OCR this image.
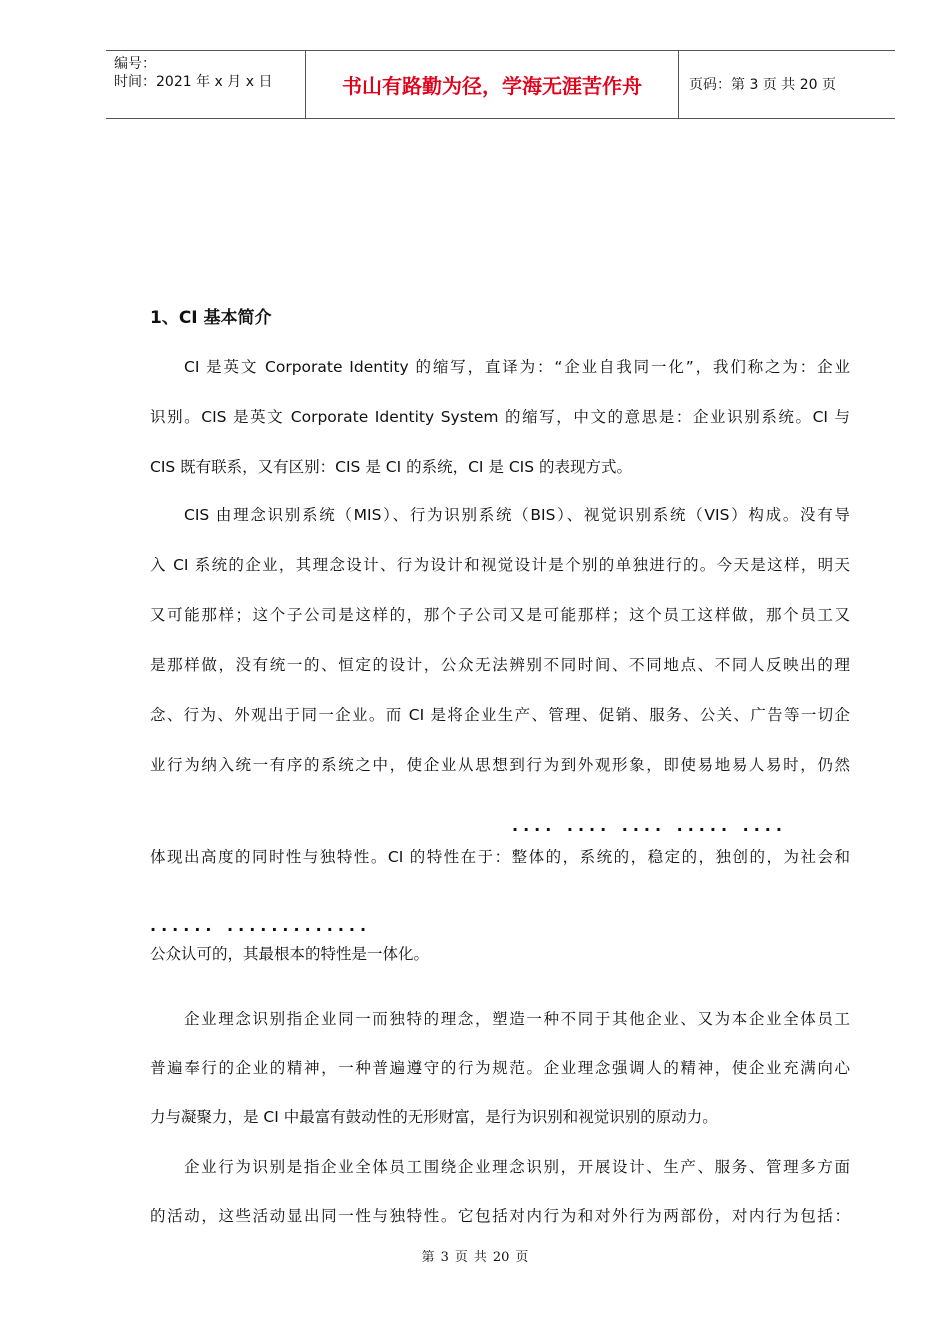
编号：
时间：2021 年 x 月 x 日	书山有路勤为径，学海无涯苦作舟	页码：第 3 页 共 20 页
1、CI 基本简介
CI 是英文 Corporate Identity 的缩写，直译为：“企业自我同一化”，我们称之为：企业
识别。CIS 是英文 Corporate Identity System 的缩写，中文的意思是：企业识别系统。CI 与
CIS 既有联系，又有区别：CIS 是 CI 的系统，CI 是 CIS 的表现方式。
CIS 由理念识别系统（MIS）、行为识别系统（BIS）、视觉识别系统（VIS）构成。没有导
入 CI 系统的企业，其理念设计、行为设计和视觉设计是个别的单独进行的。今天是这样，明天
又可能那样；这个子公司是这样的，那个子公司又是可能那样；这个员工这样做，那个员工又
是那样做，没有统一的、恒定的设计，公众无法辨别不同时间、不同地点、不同人反映出的理
念、行为、外观出于同一企业。而 CI 是将企业生产、管理、促销、服务、公关、广告等一切企
业行为纳入统一有序的系统之中，使企业从思想到行为到外观形象，即使易地易人易时，仍然
···· ···· ···· ····· ····
体现出高度的同时性与独特性。CI 的特性在于：整体的，系统的，稳定的，独创的，为社会和
······ ·············
公众认可的，其最根本的特性是一体化。
企业理念识别指企业同一而独特的理念，塑造一种不同于其他企业、又为本企业全体员工
普遍奉行的企业的精神，一种普遍遵守的行为规范。企业理念强调人的精神，使企业充满向心
力与凝聚力，是 CI 中最富有鼓动性的无形财富，是行为识别和视觉识别的原动力。
企业行为识别是指企业全体员工围绕企业理念识别，开展设计、生产、服务、管理多方面
的活动，这些活动显出同一性与独特性。它包括对内行为和对外行为两部份，对内行为包括：
第 3 页 共 20 页
